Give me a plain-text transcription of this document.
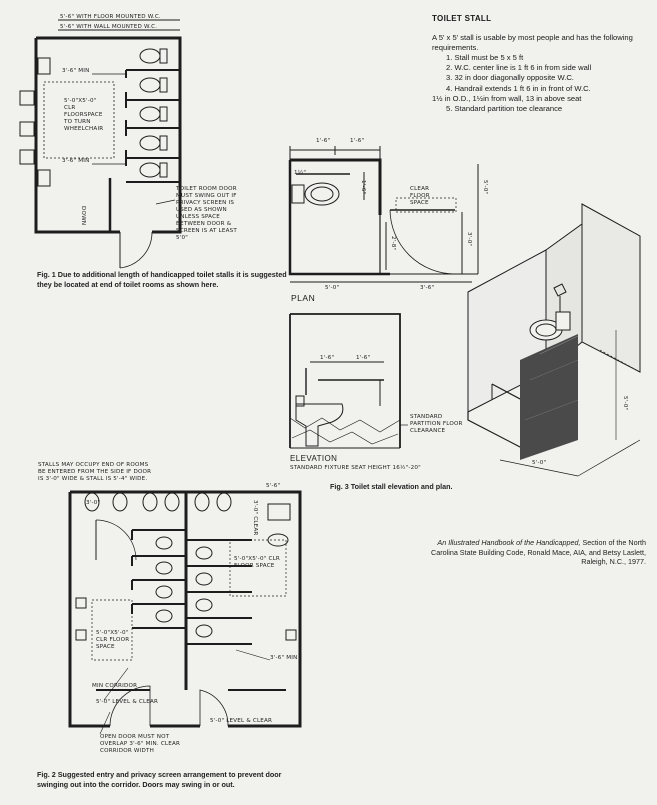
5'-6" WITH FLOOR MOUNTED W.C.
5'-6" WITH WALL MOUNTED W.C.
3'-6" MIN
5'-0"X5'-0" CLR FLOORSPACE TO TURN WHEELCHAIR
3'-6" MIN
DOWN
TOILET ROOM DOOR MUST SWING OUT IF PRIVACY SCREEN IS USED AS SHOWN UNLESS SPACE BETWEEN DOOR & SCREEN IS AT LEAST 5'0"
Fig. 1 Due to additional length of handicapped toilet stalls it is suggested they be located at end of toilet rooms as shown here.
TOILET STALL
A 5' x 5' stall is usable by most people and has the following requirements.
1. Stall must be 5 x 5 ft
2. W.C. center line is 1 ft 6 in from side wall
3. 32 in door diagonally opposite W.C.
4. Handrail extends 1 ft 6 in in front of W.C.
1½ in O.D., 1½in from wall, 13 in above seat
5. Standard partition toe clearance
1'-6"	1'-6"
1½"
1'-6"	CLEAR FLOOR SPACE
5'-0"
3'-0"
2'-8"
5'-0"	3'-6"
PLAN
1'-6"	1'-6"
STANDARD PARTITION FLOOR CLEARANCE
ELEVATION
STANDARD FIXTURE SEAT HEIGHT 16½"-20"
5'-0"
5'-0"
Fig. 3 Toilet stall elevation and plan.
STALLS MAY OCCUPY END OF ROOMS BE ENTERED FROM THE SIDE IF DOOR IS 3'-0" WIDE & STALL IS 5'-4" WIDE.
5'-6"
3'-0"	3'-0" CLEAR
5'-0"X5'-0" CLR FLOOR SPACE
5'-0"X5'-0" CLR FLOOR SPACE
MIN CORRIDOR
5'-0" LEVEL & CLEAR
5'-0" LEVEL & CLEAR
OPEN DOOR MUST NOT OVERLAP 3'-6" MIN. CLEAR CORRIDOR WIDTH
3'-6" MIN
Fig. 2 Suggested entry and privacy screen arrangement to prevent door swinging out into the corridor. Doors may swing in or out.
An Illustrated Handbook of the Handicapped, Section of the North Carolina State Building Code, Ronald Mace, AIA, and Betsy Laslett, Raleigh, N.C., 1977.
